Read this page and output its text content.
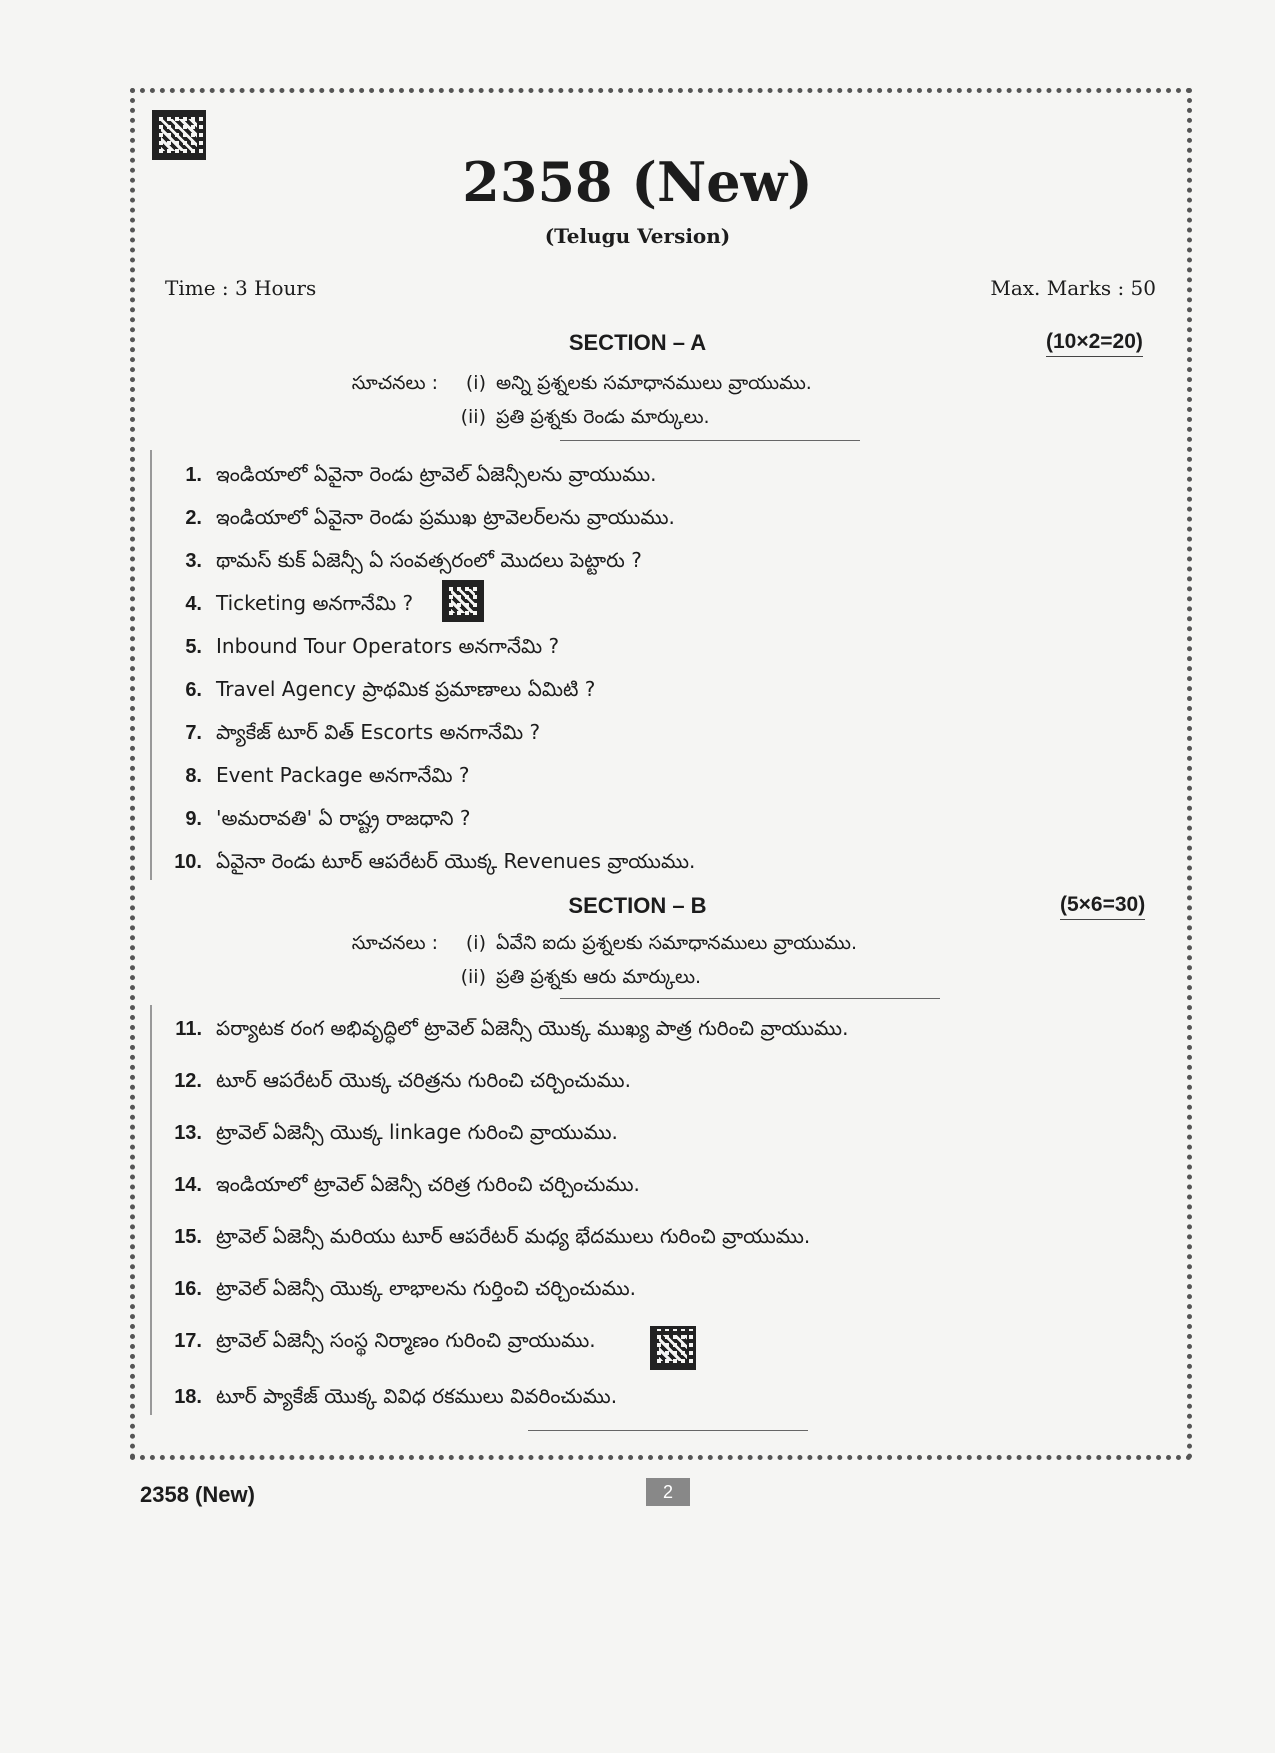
2358 (New)
(Telugu Version)
Time : 3 Hours	Max. Marks : 50
SECTION – A	(10×2=20)
సూచనలు : (i) అన్ని ప్రశ్నలకు సమాధానములు వ్రాయుము.
(ii) ప్రతి ప్రశ్నకు రెండు మార్కులు.
1. ఇండియాలో ఏవైనా రెండు ట్రావెల్ ఏజెన్సీలను వ్రాయుము.
2. ఇండియాలో ఏవైనా రెండు ప్రముఖ ట్రావెలర్‌లను వ్రాయుము.
3. థామస్ కుక్ ఏజెన్సీ ఏ సంవత్సరంలో మొదలు పెట్టారు ?
4. Ticketing అనగానేమి ?
5. Inbound Tour Operators అనగానేమి ?
6. Travel Agency ప్రాథమిక ప్రమాణాలు ఏమిటి ?
7. ప్యాకేజ్ టూర్ విత్ Escorts అనగానేమి ?
8. Event Package అనగానేమి ?
9. 'అమరావతి' ఏ రాష్ట్ర రాజధాని ?
10. ఏవైనా రెండు టూర్ ఆపరేటర్ యొక్క Revenues వ్రాయుము.
SECTION – B	(5×6=30)
సూచనలు : (i) ఏవేని ఐదు ప్రశ్నలకు సమాధానములు వ్రాయుము.
(ii) ప్రతి ప్రశ్నకు ఆరు మార్కులు.
11. పర్యాటక రంగ అభివృద్ధిలో ట్రావెల్ ఏజెన్సీ యొక్క ముఖ్య పాత్ర గురించి వ్రాయుము.
12. టూర్ ఆపరేటర్ యొక్క చరిత్రను గురించి చర్చించుము.
13. ట్రావెల్ ఏజెన్సీ యొక్క linkage గురించి వ్రాయుము.
14. ఇండియాలో ట్రావెల్ ఏజెన్సీ చరిత్ర గురించి చర్చించుము.
15. ట్రావెల్ ఏజెన్సీ మరియు టూర్ ఆపరేటర్ మధ్య భేదములు గురించి వ్రాయుము.
16. ట్రావెల్ ఏజెన్సీ యొక్క లాభాలను గుర్తించి చర్చించుము.
17. ట్రావెల్ ఏజెన్సీ సంస్థ నిర్మాణం గురించి వ్రాయుము.
18. టూర్ ప్యాకేజ్ యొక్క వివిధ రకములు వివరించుము.
2358 (New)	2
